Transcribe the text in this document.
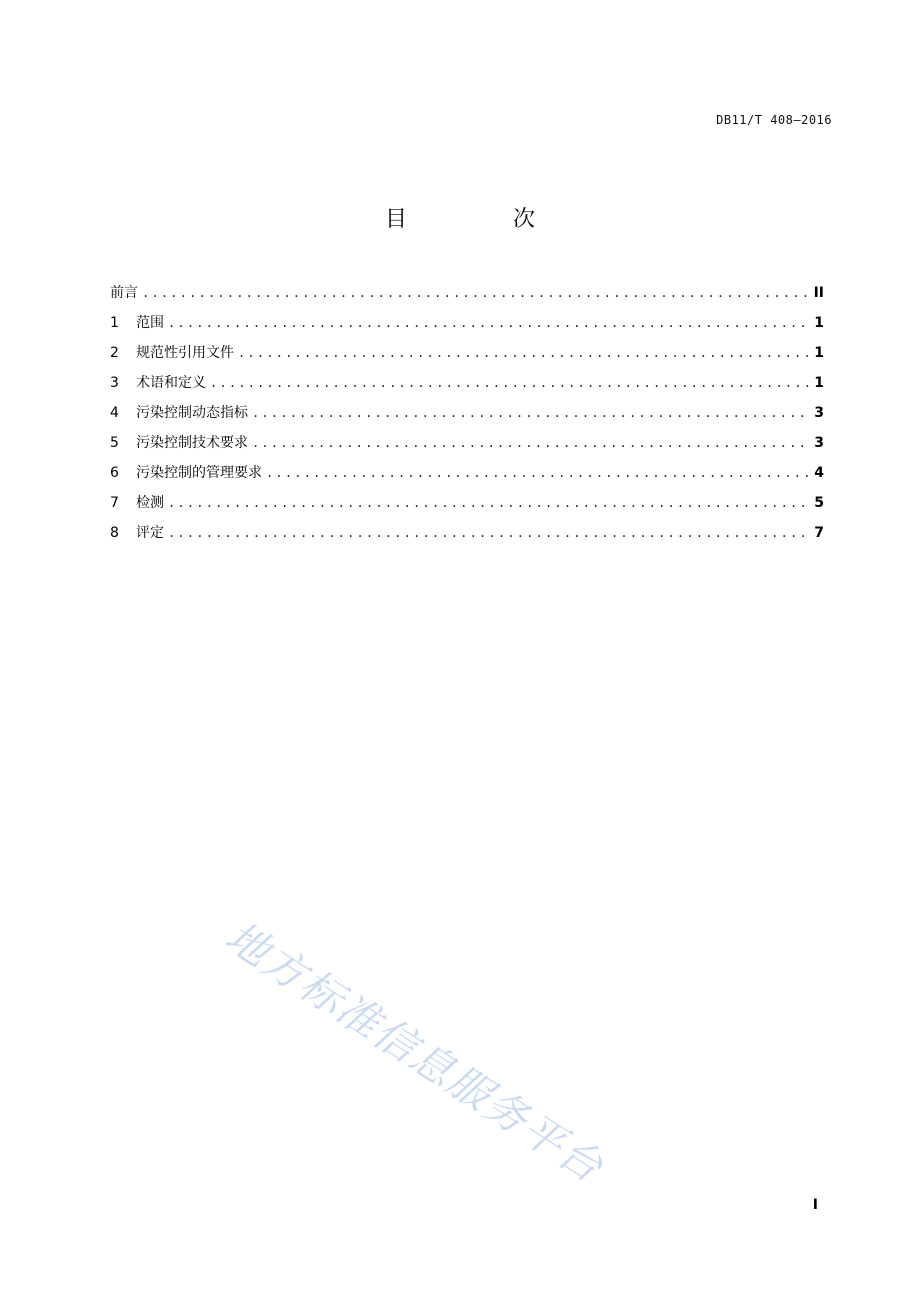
DB11/T 408—2016
目　次
前言 .....	II
1	范围 .....	1
2	规范性引用文件 .....	1
3	术语和定义 .....	1
4	污染控制动态指标 .....	3
5	污染控制技术要求 .....	3
6	污染控制的管理要求 .....	4
7	检测 .....	5
8	评定 .....	7
地方标准信息服务平台
I
